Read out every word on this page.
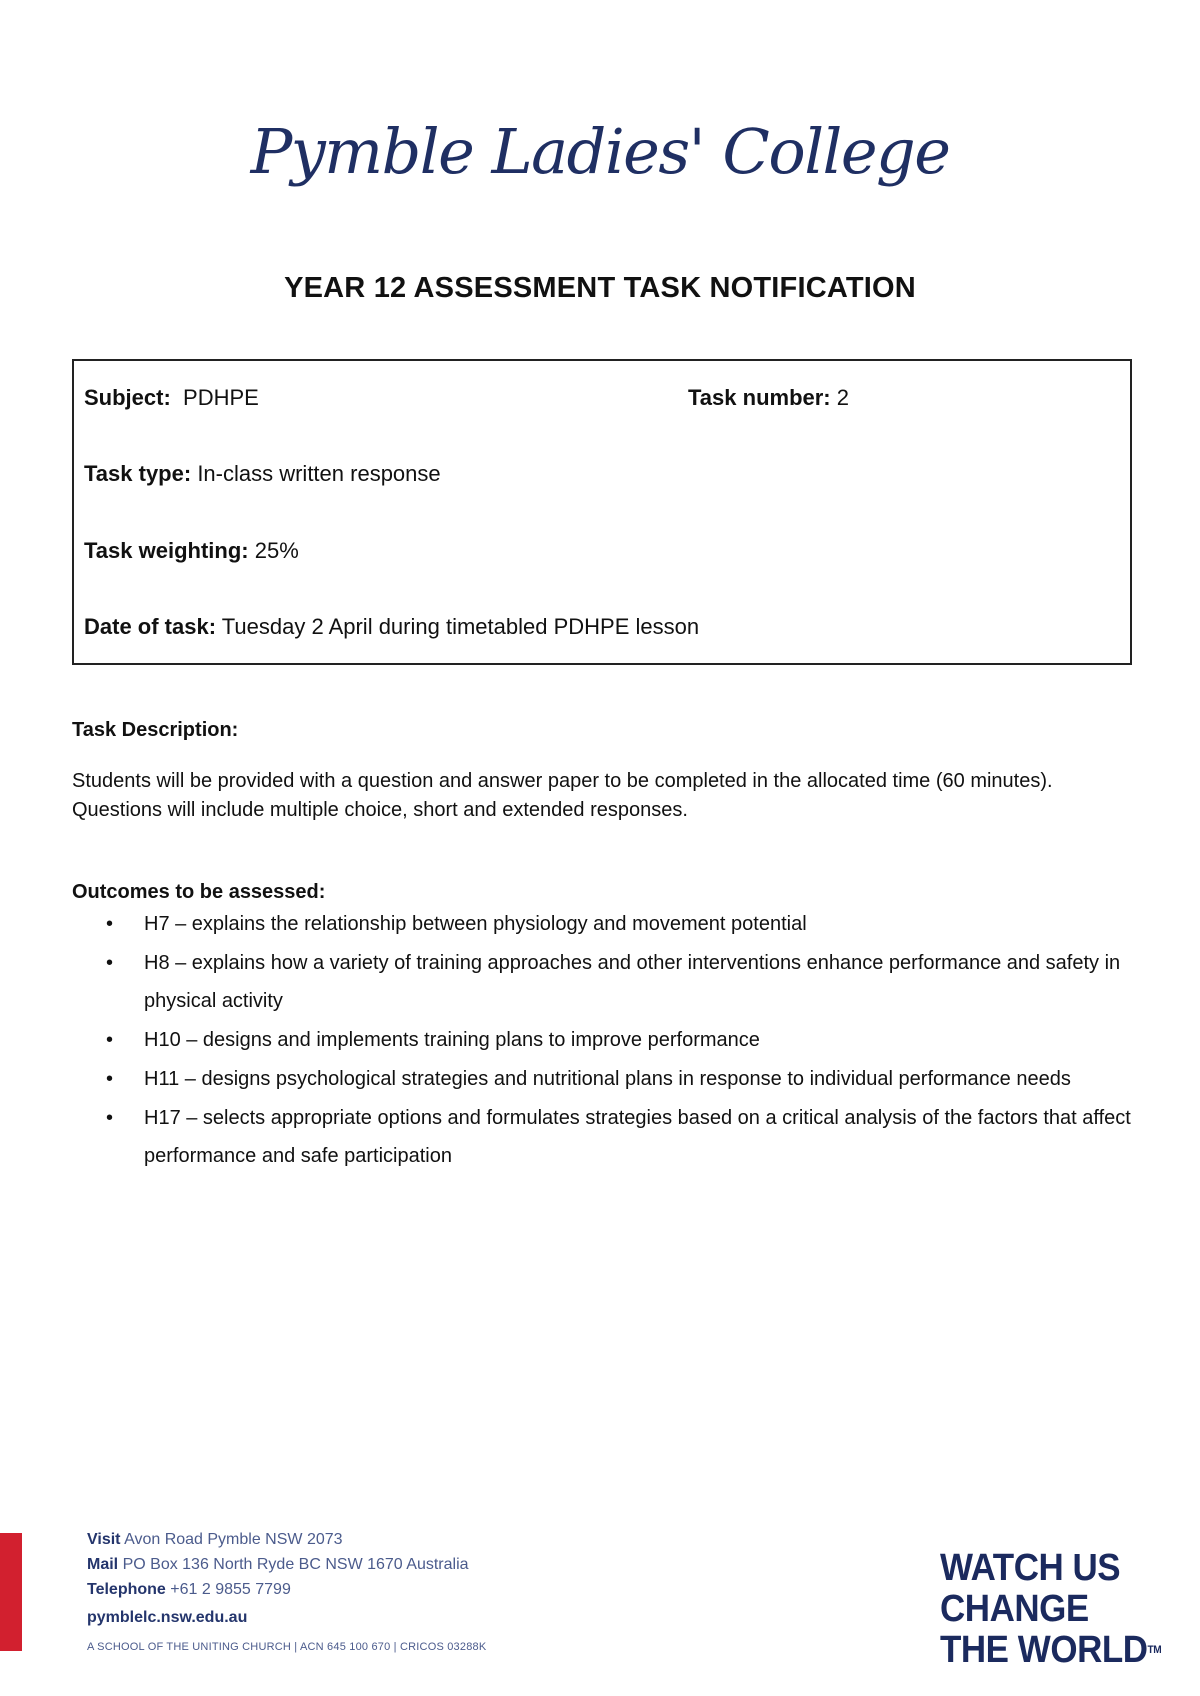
Pymble Ladies' College
YEAR 12 ASSESSMENT TASK NOTIFICATION
Subject: PDHPE	Task number: 2
Task type: In-class written response
Task weighting: 25%
Date of task: Tuesday 2 April during timetabled PDHPE lesson
Task Description:
Students will be provided with a question and answer paper to be completed in the allocated time (60 minutes). Questions will include multiple choice, short and extended responses.
Outcomes to be assessed:
• H7 – explains the relationship between physiology and movement potential
• H8 – explains how a variety of training approaches and other interventions enhance performance and safety in physical activity
• H10 – designs and implements training plans to improve performance
• H11 – designs psychological strategies and nutritional plans in response to individual performance needs
• H17 – selects appropriate options and formulates strategies based on a critical analysis of the factors that affect performance and safe participation
Visit Avon Road Pymble NSW 2073
Mail PO Box 136 North Ryde BC NSW 1670 Australia
Telephone +61 2 9855 7799
pymblelc.nsw.edu.au
A SCHOOL OF THE UNITING CHURCH | ACN 645 100 670 | CRICOS 03288K
WATCH US
CHANGE
THE WORLD™
